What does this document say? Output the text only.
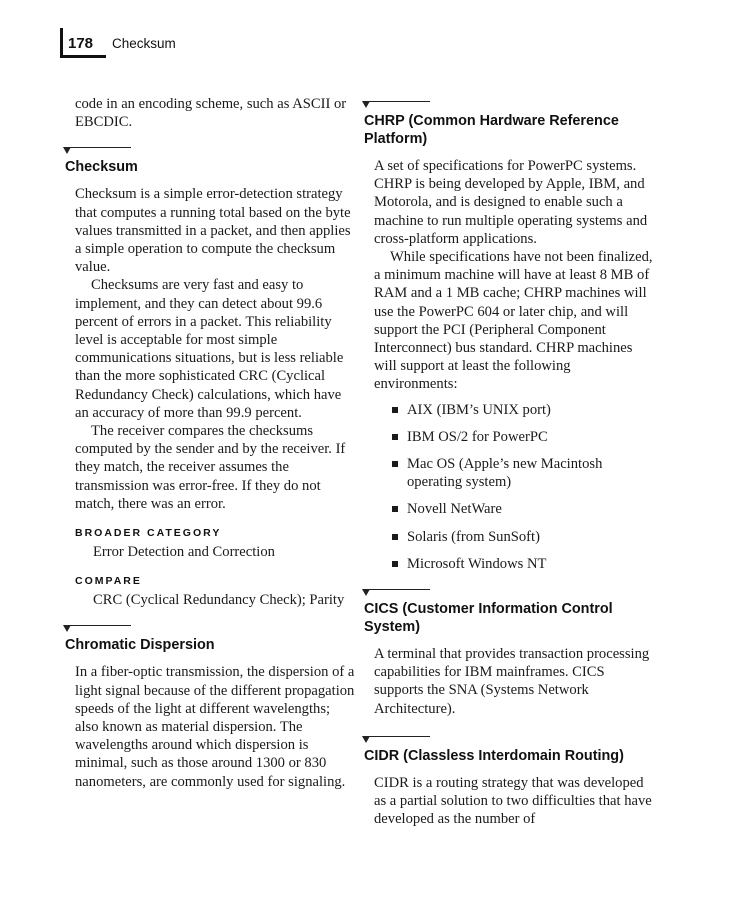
178 Checksum

code in an encoding scheme, such as ASCII or EBCDIC.

Checksum

Checksum is a simple error-detection strategy that computes a running total based on the byte values transmitted in a packet, and then applies a simple operation to compute the checksum value.

Checksums are very fast and easy to implement, and they can detect about 99.6 percent of errors in a packet. This reliability level is acceptable for most simple communications situations, but is less reliable than the more sophisticated CRC (Cyclical Redundancy Check) calculations, which have an accuracy of more than 99.9 percent.

The receiver compares the checksums computed by the sender and by the receiver. If they match, the receiver assumes the transmission was error-free. If they do not match, there was an error.

BROADER CATEGORY

Error Detection and Correction

COMPARE

CRC (Cyclical Redundancy Check); Parity

Chromatic Dispersion

In a fiber-optic transmission, the dispersion of a light signal because of the different propagation speeds of the light at different wavelengths; also known as material dispersion. The wavelengths around which dispersion is minimal, such as those around 1300 or 830 nanometers, are commonly used for signaling.

CHRP (Common Hardware Reference Platform)

A set of specifications for PowerPC systems. CHRP is being developed by Apple, IBM, and Motorola, and is designed to enable such a machine to run multiple operating systems and cross-platform applications.

While specifications have not been finalized, a minimum machine will have at least 8 MB of RAM and a 1 MB cache; CHRP machines will use the PowerPC 604 or later chip, and will support the PCI (Peripheral Component Interconnect) bus standard. CHRP machines will support at least the following environments:

AIX (IBM’s UNIX port)
IBM OS/2 for PowerPC
Mac OS (Apple’s new Macintosh operating system)
Novell NetWare
Solaris (from SunSoft)
Microsoft Windows NT
CICS (Customer Information Control System)

A terminal that provides transaction processing capabilities for IBM mainframes. CICS supports the SNA (Systems Network Architecture).

CIDR (Classless Interdomain Routing)

CIDR is a routing strategy that was developed as a partial solution to two difficulties that have developed as the number of
